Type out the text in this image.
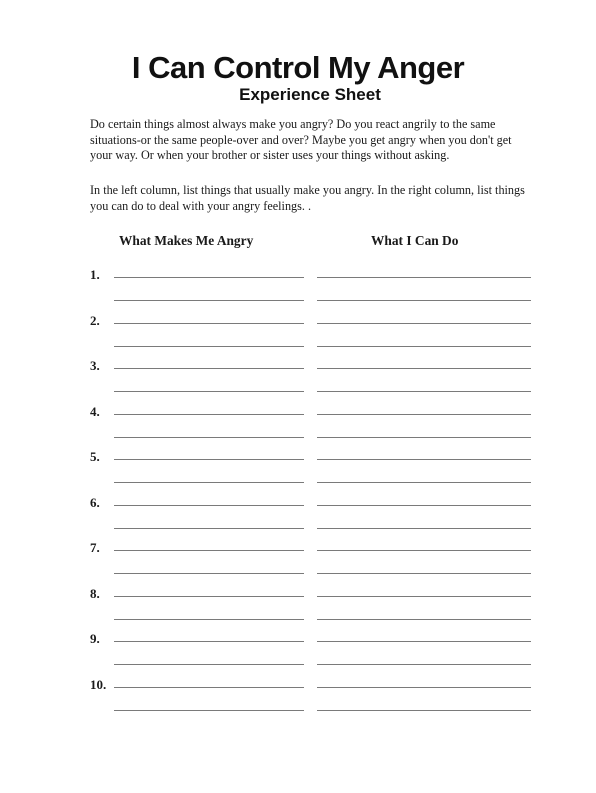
I Can Control My Anger
Experience Sheet
Do certain things almost always make you angry? Do you react angrily to the same situations-or the same people-over and over? Maybe you get angry when you don't get your way. Or when your brother or sister uses your things without asking.
In the left column, list things that usually make you angry. In the right column, list things you can do to deal with your angry feelings. .
What Makes Me Angry	What I Can Do
1.
2.
3.
4.
5.
6.
7.
8.
9.
10.
